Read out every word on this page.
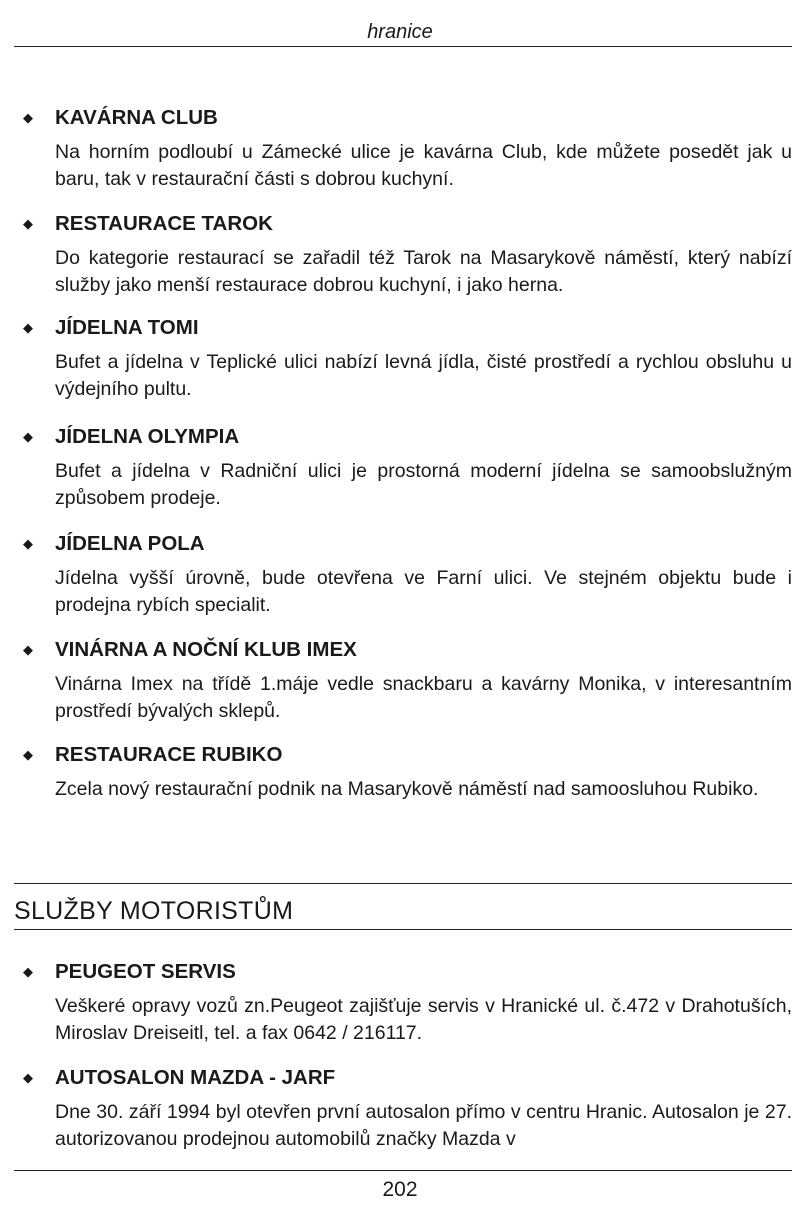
hranice
◆ KAVÁRNA CLUB
Na horním podloubí u Zámecké ulice je kavárna Club, kde můžete posedět jak u baru, tak v restaurační části s dobrou kuchyní.
◆ RESTAURACE TAROK
Do kategorie restaurací se zařadil též Tarok na Masarykově náměstí, který nabízí služby jako menší restaurace dobrou kuchyní, i jako herna.
◆ JÍDELNA TOMI
Bufet a jídelna v Teplické ulici nabízí levná jídla, čisté prostředí a rychlou obsluhu u výdejního pultu.
◆ JÍDELNA OLYMPIA
Bufet a jídelna v Radniční ulici je prostorná moderní jídelna se samoobslužným způsobem prodeje.
◆ JÍDELNA POLA
Jídelna vyšší úrovně, bude otevřena ve Farní ulici. Ve stejném objektu bude i prodejna rybích specialit.
◆ VINÁRNA A NOČNÍ KLUB IMEX
Vinárna Imex na třídě 1.máje vedle snackbaru a kavárny Monika, v interesantním prostředí bývalých sklepů.
◆ RESTAURACE RUBIKO
Zcela nový restaurační podnik na Masarykově náměstí nad samoosluhou Rubiko.
SLUŽBY MOTORISTŮM
◆ PEUGEOT SERVIS
Veškeré opravy vozů zn.Peugeot zajišťuje servis v Hranické ul. č.472 v Drahotuších, Miroslav Dreiseitl, tel. a fax 0642 / 216117.
◆ AUTOSALON MAZDA - JARF
Dne 30. září 1994 byl otevřen první autosalon přímo v centru Hranic. Autosalon je 27. autorizovanou prodejnou automobilů značky Mazda v
202
